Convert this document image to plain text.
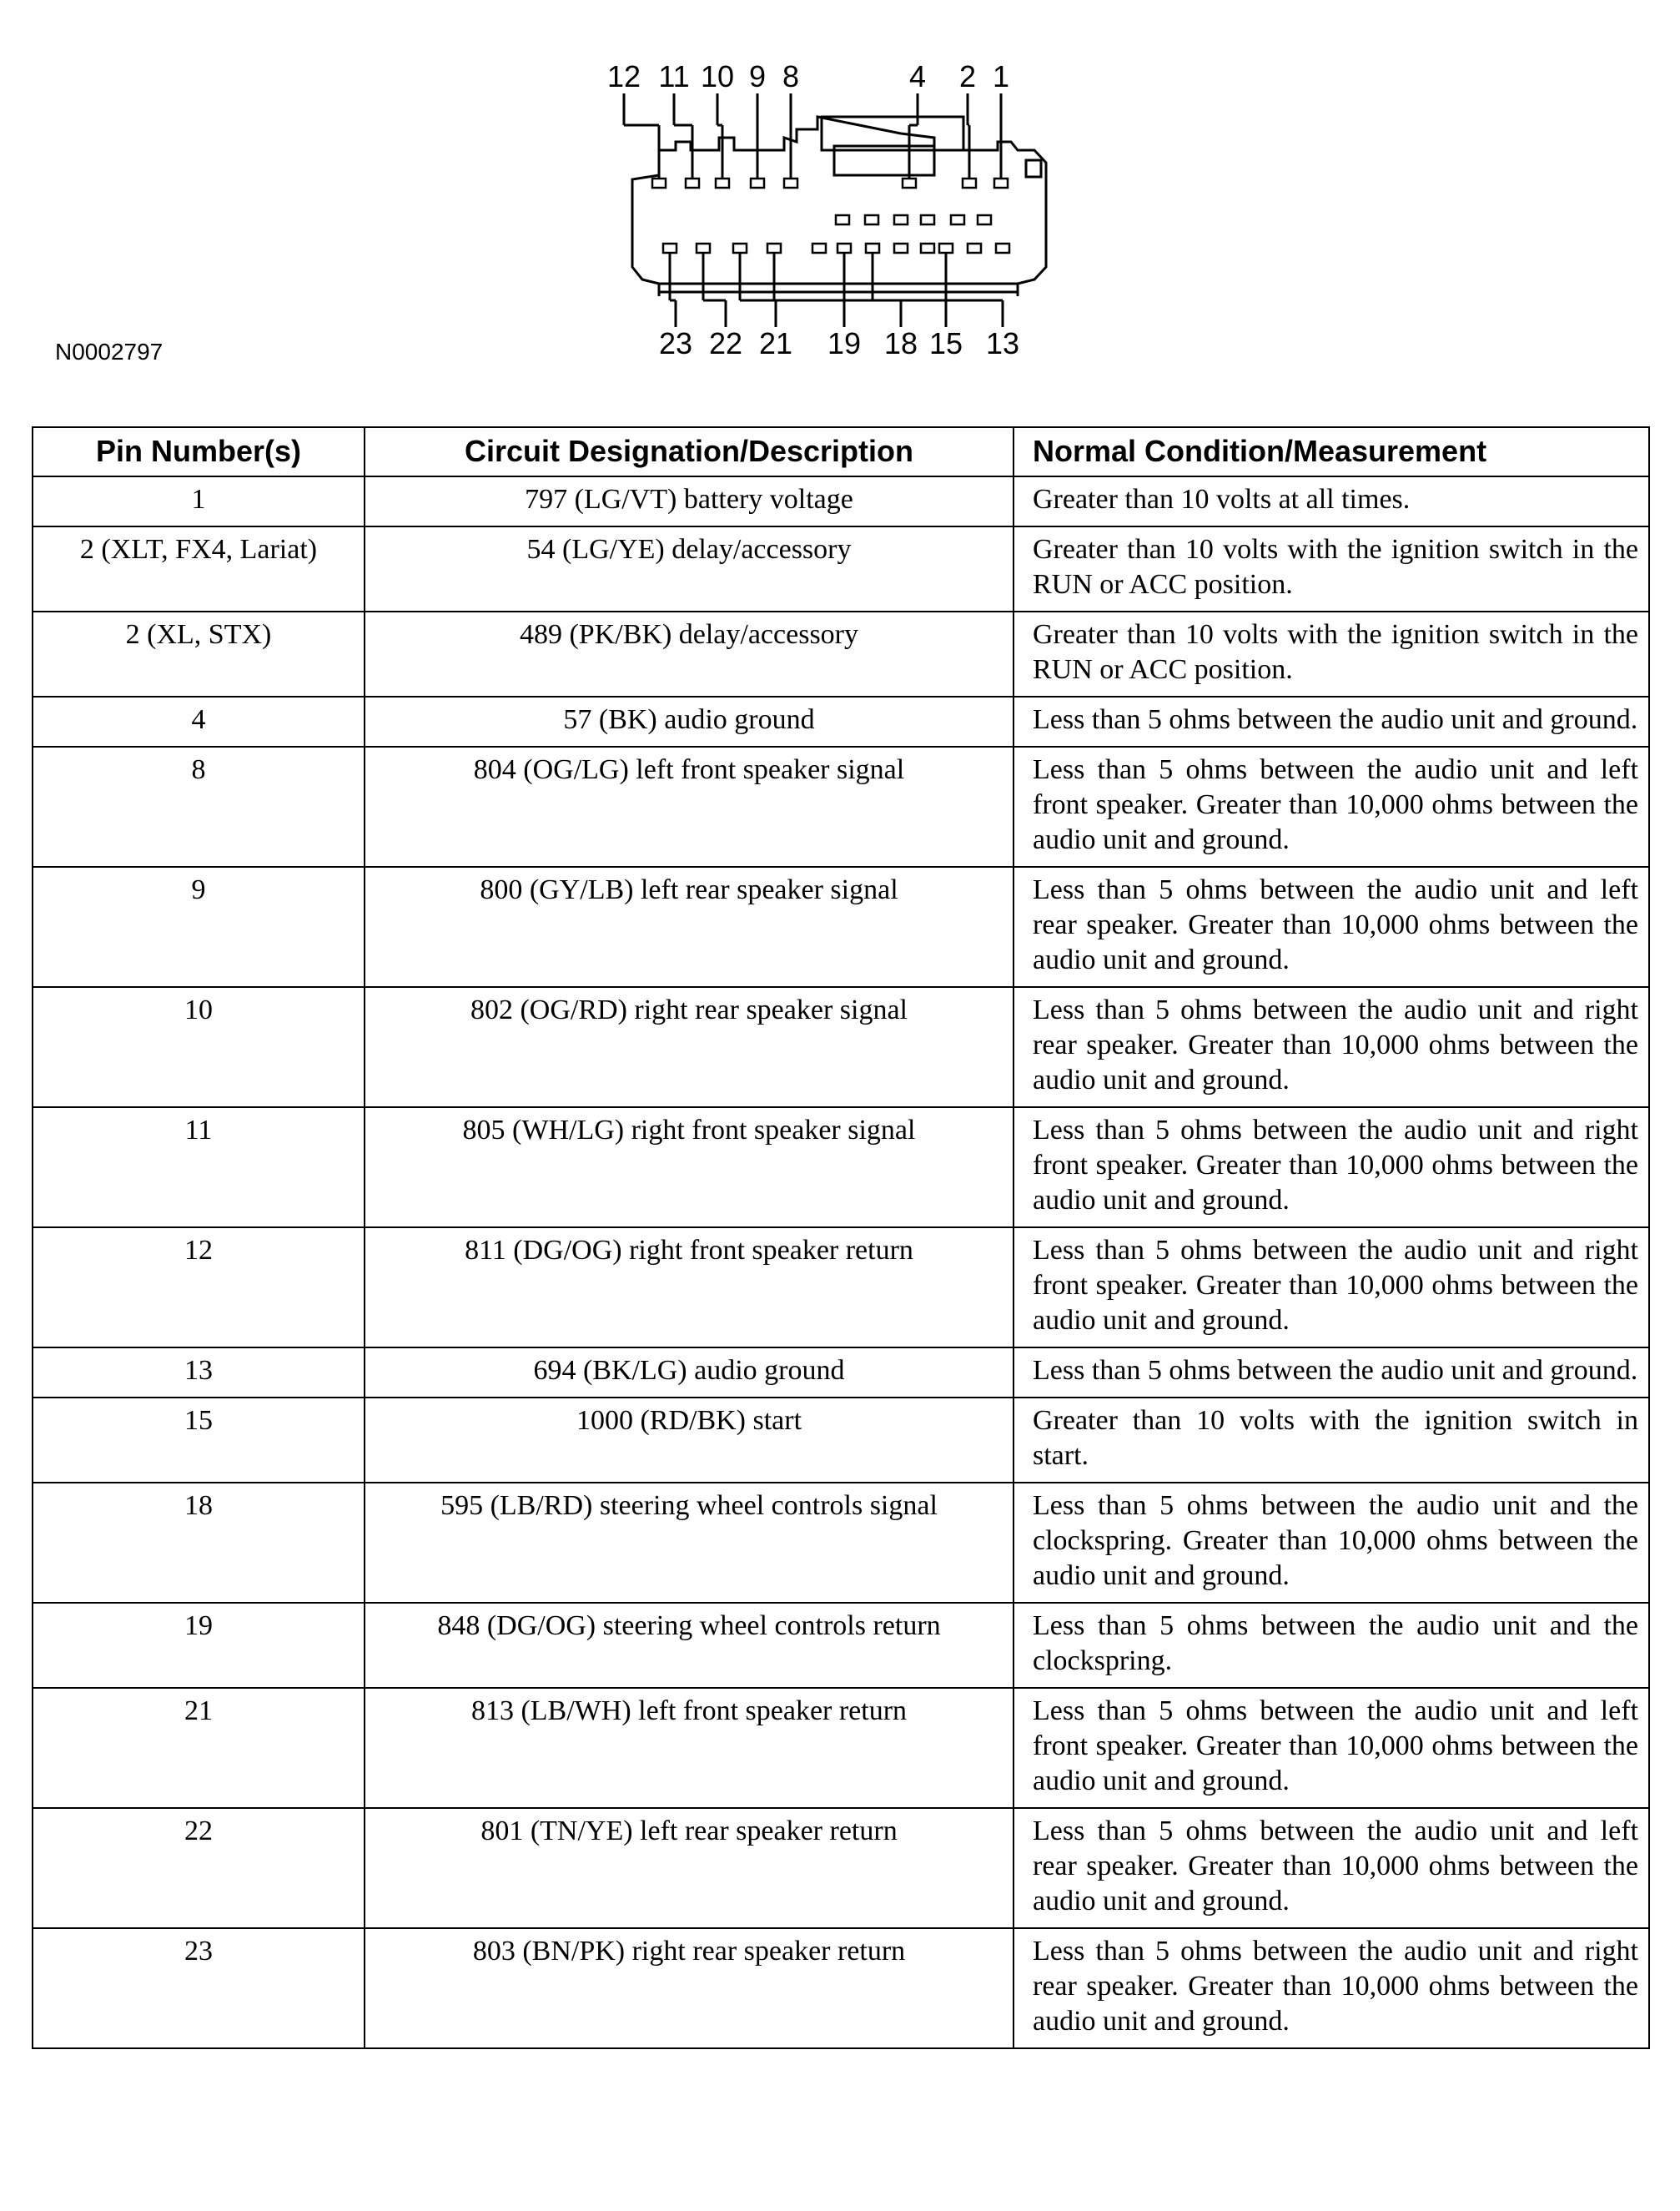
12 11 10 9 8	4 2 1
23 22 21 19 18 15 13
N0002797
Pin Number(s)	Circuit Designation/Description	Normal Condition/Measurement
1	797 (LG/VT) battery voltage	Greater than 10 volts at all times.
2 (XLT, FX4, Lariat)	54 (LG/YE) delay/accessory	Greater than 10 volts with the ignition switch in the RUN or ACC position.
2 (XL, STX)	489 (PK/BK) delay/accessory	Greater than 10 volts with the ignition switch in the RUN or ACC position.
4	57 (BK) audio ground	Less than 5 ohms between the audio unit and ground.
8	804 (OG/LG) left front speaker signal	Less than 5 ohms between the audio unit and left front speaker. Greater than 10,000 ohms between the audio unit and ground.
9	800 (GY/LB) left rear speaker signal	Less than 5 ohms between the audio unit and left rear speaker. Greater than 10,000 ohms between the audio unit and ground.
10	802 (OG/RD) right rear speaker signal	Less than 5 ohms between the audio unit and right rear speaker. Greater than 10,000 ohms between the audio unit and ground.
11	805 (WH/LG) right front speaker signal	Less than 5 ohms between the audio unit and right front speaker. Greater than 10,000 ohms between the audio unit and ground.
12	811 (DG/OG) right front speaker return	Less than 5 ohms between the audio unit and right front speaker. Greater than 10,000 ohms between the audio unit and ground.
13	694 (BK/LG) audio ground	Less than 5 ohms between the audio unit and ground.
15	1000 (RD/BK) start	Greater than 10 volts with the ignition switch in start.
18	595 (LB/RD) steering wheel controls signal	Less than 5 ohms between the audio unit and the clockspring. Greater than 10,000 ohms between the audio unit and ground.
19	848 (DG/OG) steering wheel controls return	Less than 5 ohms between the audio unit and the clockspring.
21	813 (LB/WH) left front speaker return	Less than 5 ohms between the audio unit and left front speaker. Greater than 10,000 ohms between the audio unit and ground.
22	801 (TN/YE) left rear speaker return	Less than 5 ohms between the audio unit and left rear speaker. Greater than 10,000 ohms between the audio unit and ground.
23	803 (BN/PK) right rear speaker return	Less than 5 ohms between the audio unit and right rear speaker. Greater than 10,000 ohms between the audio unit and ground.
